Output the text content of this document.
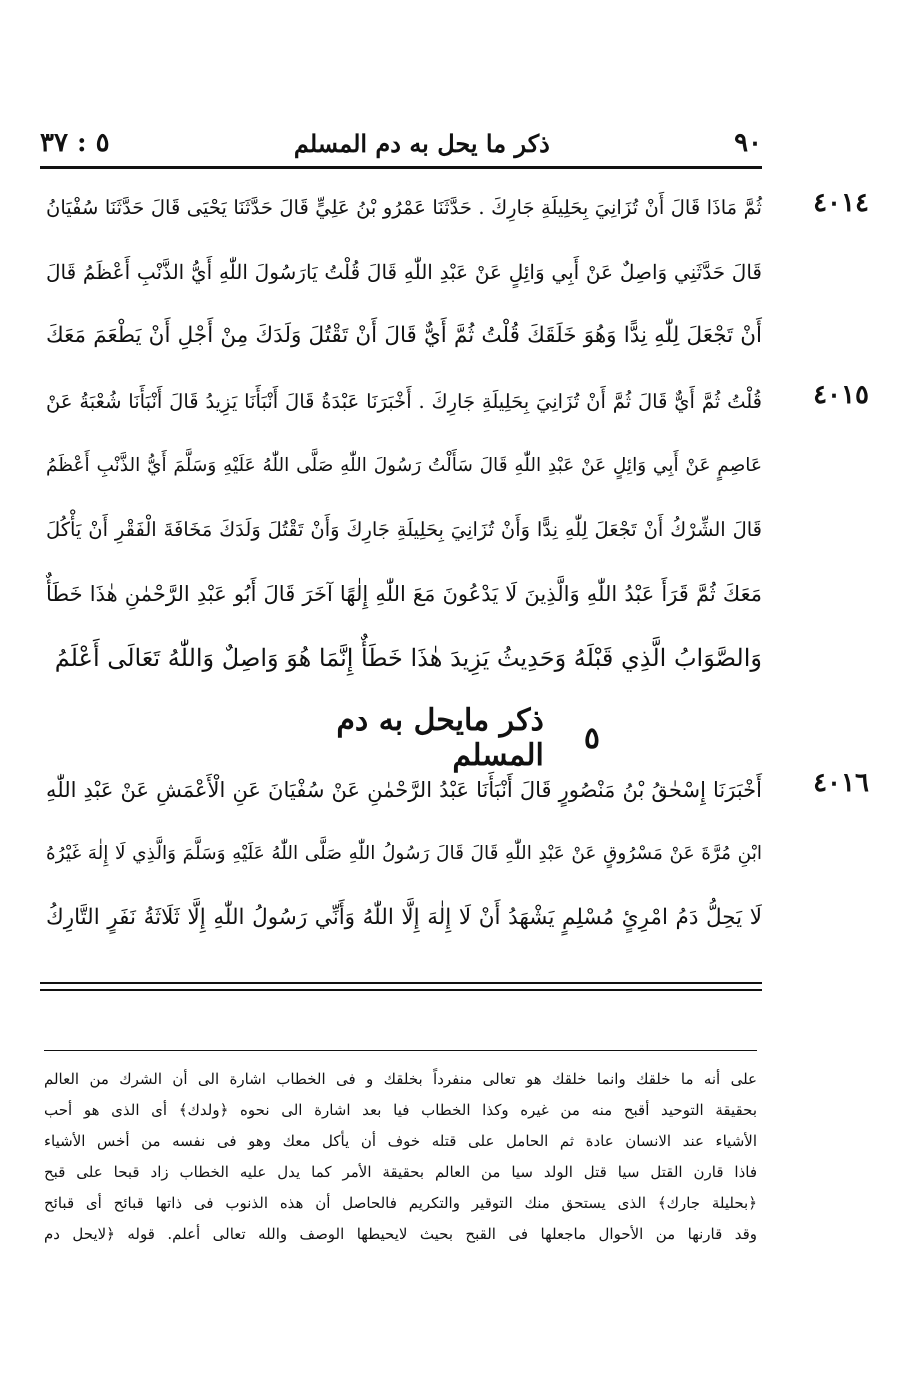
٩٠
ذكر ما يحل به دم المسلم
٥ : ٣٧
٤٠١٤
ثُمَّ مَاذَا قَالَ أَنْ تُزَانِيَ بِحَلِيلَةِ جَارِكَ . حَدَّثَنَا عَمْرُو بْنُ عَلِيٍّ قَالَ حَدَّثَنَا يَحْيَى قَالَ حَدَّثَنَا سُفْيَانُ
قَالَ حَدَّثَنِي وَاصِلٌ عَنْ أَبِي وَائِلٍ عَنْ عَبْدِ اللّٰهِ قَالَ قُلْتُ يَارَسُولَ اللّٰهِ أَيُّ الذَّنْبِ أَعْظَمُ قَالَ
أَنْ تَجْعَلَ لِلّٰهِ نِدًّا وَهُوَ خَلَقَكَ قُلْتُ ثُمَّ أَيٌّ قَالَ أَنْ تَقْتُلَ وَلَدَكَ مِنْ أَجْلِ أَنْ يَطْعَمَ مَعَكَ
٤٠١٥
قُلْتُ ثُمَّ أَيٌّ قَالَ ثُمَّ أَنْ تُزَانِيَ بِحَلِيلَةِ جَارِكَ . أَخْبَرَنَا عَبْدَةُ قَالَ أَنْبَأَنَا يَزِيدُ قَالَ أَنْبَأَنَا شُعْبَةُ عَنْ
عَاصِمٍ عَنْ أَبِي وَائِلٍ عَنْ عَبْدِ اللّٰهِ قَالَ سَأَلْتُ رَسُولَ اللّٰهِ صَلَّى اللّٰهُ عَلَيْهِ وَسَلَّمَ أَيُّ الذَّنْبِ أَعْظَمُ
قَالَ الشِّرْكُ أَنْ تَجْعَلَ لِلّٰهِ نِدًّا وَأَنْ تُزَانِيَ بِحَلِيلَةِ جَارِكَ وَأَنْ تَقْتُلَ وَلَدَكَ مَخَافَةَ الْفَقْرِ أَنْ يَأْكُلَ
مَعَكَ ثُمَّ قَرَأَ عَبْدُ اللّٰهِ وَالَّذِينَ لَا يَدْعُونَ مَعَ اللّٰهِ إِلٰهًا آخَرَ قَالَ أَبُو عَبْدِ الرَّحْمٰنِ هٰذَا خَطَأٌ
وَالصَّوَابُ الَّذِي قَبْلَهُ وَحَدِيثُ يَزِيدَ هٰذَا خَطَأٌ إِنَّمَا هُوَ وَاصِلٌ وَاللّٰهُ تَعَالَى أَعْلَمُ
٥
ذكر مايحل به دم المسلم
٤٠١٦
أَخْبَرَنَا إِسْحٰقُ بْنُ مَنْصُورٍ قَالَ أَنْبَأَنَا عَبْدُ الرَّحْمٰنِ عَنْ سُفْيَانَ عَنِ الْأَعْمَشِ عَنْ عَبْدِ اللّٰهِ
ابْنِ مُرَّةَ عَنْ مَسْرُوقٍ عَنْ عَبْدِ اللّٰهِ قَالَ قَالَ رَسُولُ اللّٰهِ صَلَّى اللّٰهُ عَلَيْهِ وَسَلَّمَ وَالَّذِي لَا إِلٰهَ غَيْرُهُ
لَا يَحِلُّ دَمُ امْرِئٍ مُسْلِمٍ يَشْهَدُ أَنْ لَا إِلٰهَ إِلَّا اللّٰهُ وَأَنِّي رَسُولُ اللّٰهِ إِلَّا ثَلَاثَةُ نَفَرٍ التَّارِكُ
على أنه ما خلقك وانما خلقك هو تعالى منفرداً بخلقك و فى الخطاب اشارة الى أن الشرك من العالم
بحقيقة التوحيد أقبح منه من غيره وكذا الخطاب فيا بعد اشارة الى نحوه ﴿ولدك﴾ أى الذى هو أحب
الأشياء عند الانسان عادة ثم الحامل على قتله خوف أن يأكل معك وهو فى نفسه من أخس الأشياء
فاذا قارن القتل سيا قتل الولد سيا من العالم بحقيقة الأمر كما يدل عليه الخطاب زاد قبحا على قبح
﴿بحليلة جارك﴾ الذى يستحق منك التوقير والتكريم فالحاصل أن هذه الذنوب فى ذاتها قبائح أى قبائح
وقد قارنها من الأحوال ماجعلها فى القبح بحيث لايحيطها الوصف والله تعالى أعلم. قوله ﴿لايحل دم
